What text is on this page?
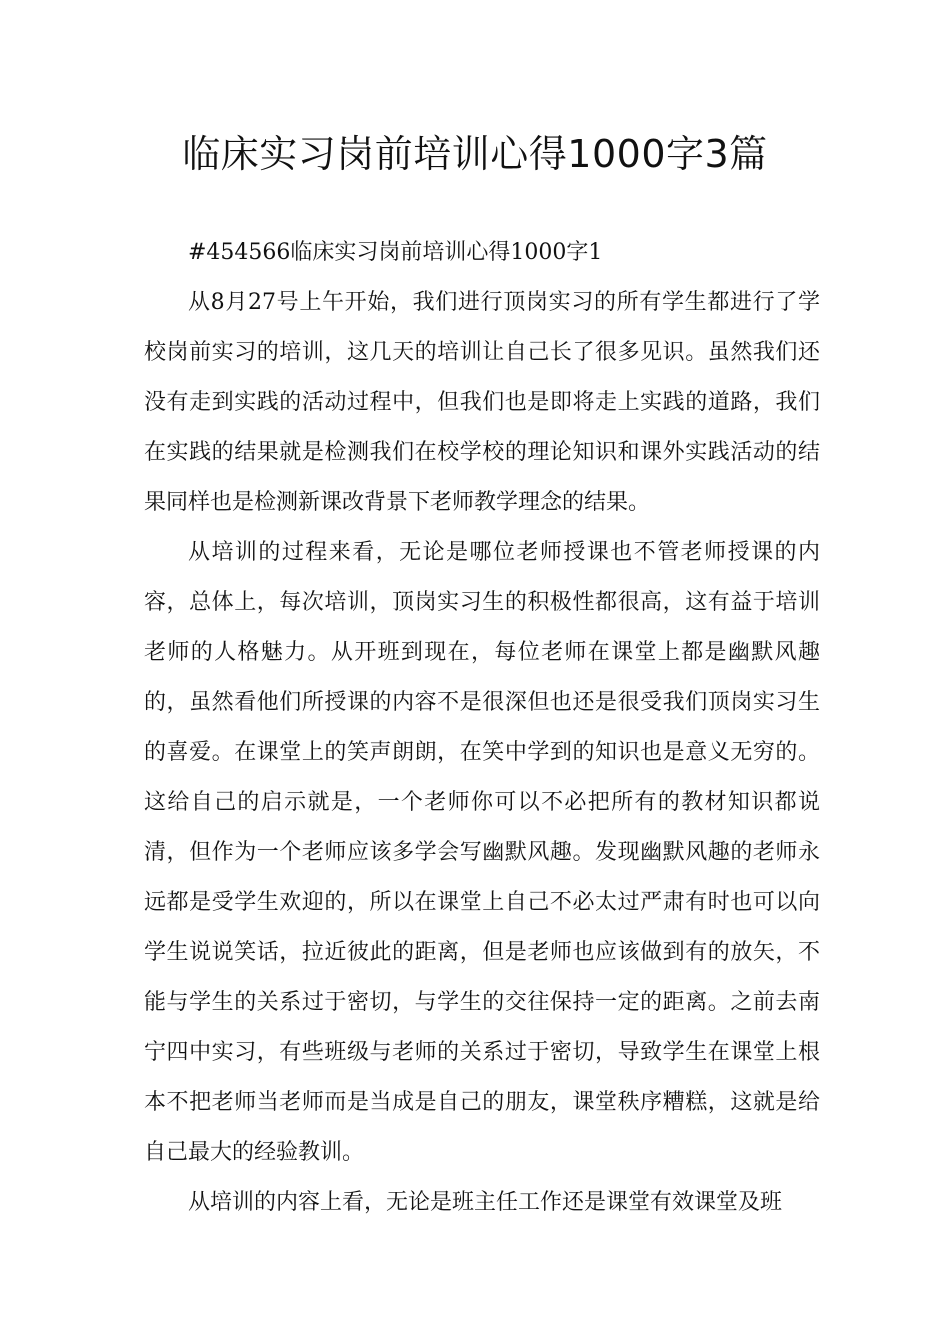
临床实习岗前培训心得1000字3篇

#454566临床实习岗前培训心得1000字1

从8月27号上午开始，我们进行顶岗实习的所有学生都进行了学校岗前实习的培训，这几天的培训让自己长了很多见识。虽然我们还没有走到实践的活动过程中，但我们也是即将走上实践的道路，我们在实践的结果就是检测我们在校学校的理论知识和课外实践活动的结果同样也是检测新课改背景下老师教学理念的结果。

从培训的过程来看，无论是哪位老师授课也不管老师授课的内容，总体上，每次培训，顶岗实习生的积极性都很高，这有益于培训老师的人格魅力。从开班到现在，每位老师在课堂上都是幽默风趣的，虽然看他们所授课的内容不是很深但也还是很受我们顶岗实习生的喜爱。在课堂上的笑声朗朗，在笑中学到的知识也是意义无穷的。这给自己的启示就是，一个老师你可以不必把所有的教材知识都说清，但作为一个老师应该多学会写幽默风趣。发现幽默风趣的老师永远都是受学生欢迎的，所以在课堂上自己不必太过严肃有时也可以向学生说说笑话，拉近彼此的距离，但是老师也应该做到有的放矢，不能与学生的关系过于密切，与学生的交往保持一定的距离。之前去南宁四中实习，有些班级与老师的关系过于密切，导致学生在课堂上根本不把老师当老师而是当成是自己的朋友，课堂秩序糟糕，这就是给自己最大的经验教训。

从培训的内容上看，无论是班主任工作还是课堂有效课堂及班
